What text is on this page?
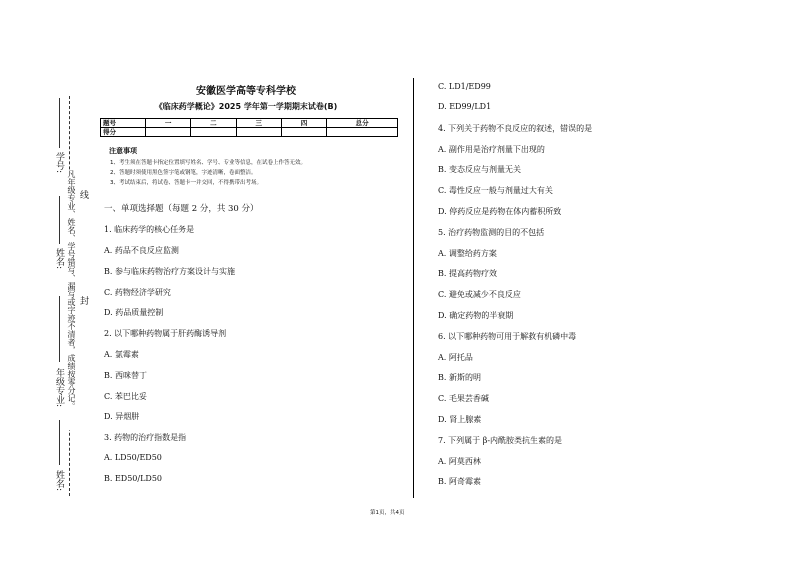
学号:
姓名:
年级专业:
姓名:
凡年级专业、姓名、学号错写、漏写或字迹不清者，成绩按零分记。 线
封
安徽医学高等专科学校
《临床药学概论》2025 学年第一学期期末试卷(B)
题号	一	二	三	四	总分
得分					
注意事项
1、考生须在答题卡指定位置填写姓名、学号、专业等信息，在试卷上作答无效。
2、答题时须使用黑色签字笔或钢笔，字迹清晰，卷面整洁。
3、考试结束后，将试卷、答题卡一并交回，不得携带出考场。
一、单项选择题（每题 2 分，共 30 分）
1. 临床药学的核心任务是
A. 药品不良反应监测
B. 参与临床药物治疗方案设计与实施
C. 药物经济学研究
D. 药品质量控制
2. 以下哪种药物属于肝药酶诱导剂
A. 氯霉素
B. 西咪替丁
C. 苯巴比妥
D. 异烟肼
3. 药物的治疗指数是指
A. LD50/ED50
B. ED50/LD50
C. LD1/ED99
D. ED99/LD1
4. 下列关于药物不良反应的叙述，错误的是
A. 副作用是治疗剂量下出现的
B. 变态反应与剂量无关
C. 毒性反应一般与剂量过大有关
D. 停药反应是药物在体内蓄积所致
5. 治疗药物监测的目的不包括
A. 调整给药方案
B. 提高药物疗效
C. 避免或减少不良反应
D. 确定药物的半衰期
6. 以下哪种药物可用于解救有机磷中毒
A. 阿托品
B. 新斯的明
C. 毛果芸香碱
D. 肾上腺素
7. 下列属于 β-内酰胺类抗生素的是
A. 阿莫西林
B. 阿奇霉素
第1页，共4页
